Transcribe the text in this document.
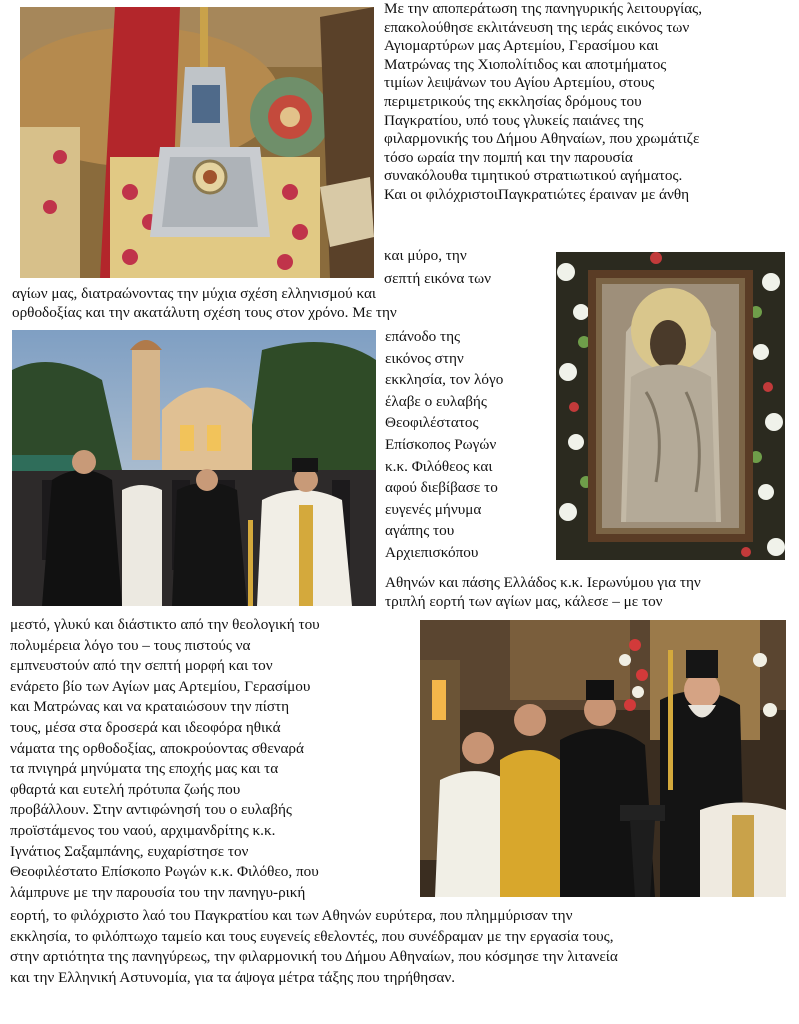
Με την αποπεράτωση της πανηγυρικής λειτουργίας,
επακολούθησε εκλιτάνευση της ιεράς εικόνος των
Αγιομαρτύρων μας Αρτεμίου, Γερασίμου και
Ματρώνας της Χιοπολίτιδος και αποτμήματος
τιμίων λειψάνων του Αγίου Αρτεμίου, στους
περιμετρικούς της εκκλησίας δρόμους του
Παγκρατίου, υπό τους γλυκείς παιάνες της
φιλαρμονικής του Δήμου Αθηναίων, που χρωμάτιζε
τόσο ωραία την πομπή και την παρουσία
συνακόλουθα τιμητικού στρατιωτικού αγήματος.
Και οι φιλόχριστοιΠαγκρατιώτες έραιναν με άνθη
και μύρο, την
σεπτή εικόνα των
αγίων μας, διατραώνοντας την μύχια σχέση ελληνισμού και
ορθοδοξίας και την ακατάλυτη σχέση τους στον χρόνο. Με την
επάνοδο της
εικόνος στην
εκκλησία, τον λόγο
έλαβε ο ευλαβής
Θεοφιλέστατος
Επίσκοπος Ρωγών
κ.κ. Φιλόθεος και
αφού διεβίβασε το
ευγενές μήνυμα
αγάπης του
Αρχιεπισκόπου
Αθηνών και πάσης Ελλάδος κ.κ. Ιερωνύμου για την
τριπλή εορτή των αγίων μας, κάλεσε – με τον
μεστό, γλυκύ και διάστικτο από την θεολογική του
πολυμέρεια λόγο του – τους πιστούς να
εμπνευστούν από την σεπτή μορφή και τον
ενάρετο βίο των Αγίων μας Αρτεμίου, Γερασίμου
και Ματρώνας και να κραταιώσουν την πίστη
τους, μέσα στα δροσερά και ιδεοφόρα ηθικά
νάματα της ορθοδοξίας, αποκρούοντας σθεναρά
τα πνιγηρά μηνύματα της εποχής μας και τα
φθαρτά και ευτελή πρότυπα ζωής που
προβάλλουν. Στην αντιφώνησή του ο ευλαβής
προϊστάμενος του ναού, αρχιμανδρίτης κ.κ.
Ιγνάτιος Σαξαμπάνης, ευχαρίστησε τον
Θεοφιλέστατο Επίσκοπο Ρωγών κ.κ. Φιλόθεο, που
λάμπρυνε με την παρουσία του την πανηγυ-ρική
εορτή, το φιλόχριστο λαό του Παγκρατίου και των Αθηνών ευρύτερα, που πλημμύρισαν την
εκκλησία, το φιλόπτωχο ταμείο και τους ευγενείς εθελοντές, που συνέδραμαν με την εργασία τους,
στην αρτιότητα της πανηγύρεως, την φιλαρμονική του Δήμου Αθηναίων, που κόσμησε την λιτανεία
και την Ελληνική Αστυνομία, για τα άψογα μέτρα τάξης που τηρήθησαν.
